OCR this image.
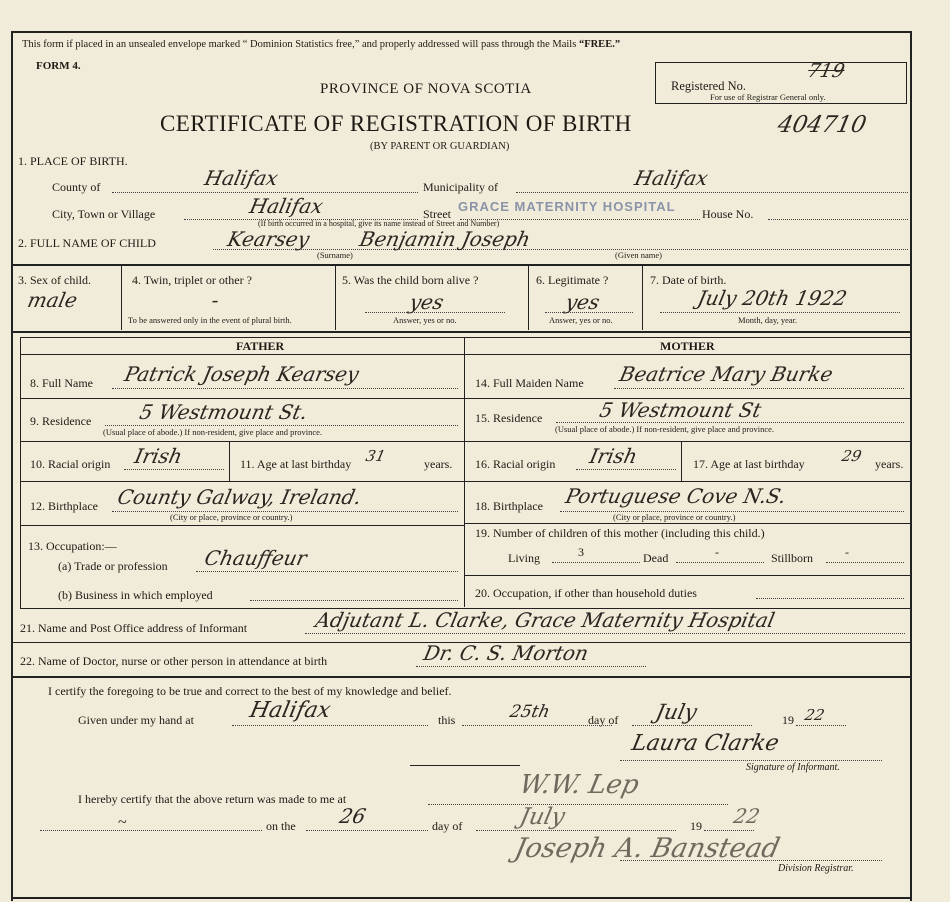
This form if placed in an unsealed envelope marked “ Dominion Statistics free,” and properly addressed will pass through the Mails “FREE.”
FORM 4.
PROVINCE OF NOVA SCOTIA	Registered No.
719
For use of Registrar General only.
CERTIFICATE OF REGISTRATION OF BIRTH	404710
(BY PARENT OR GUARDIAN)
1. PLACE OF BIRTH.
County of	Halifax	Municipality of	Halifax
City, Town or Village	Halifax
(If birth occurred in a hospital, give its name instead of Street and Number)
Street GRACE MATERNITY HOSPITAL House No.
2. FULL NAME OF CHILD	Kearsey Benjamin Joseph
(Surname)	(Given name)
3. Sex of child.
male
4. Twin, triplet or other ?
-
To be answered only in the event of plural birth.
5. Was the child born alive ?
yes
Answer, yes or no.
6. Legitimate ?
yes
Answer, yes or no.
7. Date of birth.
July 20th 1922
Month, day, year.
FATHER	MOTHER
8. Full Name Patrick Joseph Kearsey
9. Residence 5 Westmount St.
(Usual place of abode.) If non-resident, give place and province.
10. Racial origin Irish	11. Age at last birthday 31	years.
12. Birthplace County Galway, Ireland.
(City or place, province or country.)
13. Occupation:—
(a) Trade or profession Chauffeur
(b) Business in which employed
14. Full Maiden Name Beatrice Mary Burke
15. Residence	5 Westmount St
(Usual place of abode.) If non-resident, give place and province.
16. Racial origin Irish	17. Age at last birthday 29 years.
18. Birthplace Portuguese Cove N.S.
(City or place, province or country.)
19. Number of children of this mother (including this child.)
Living	3	Dead	-	Stillborn	-
20. Occupation, if other than household duties
21. Name and Post Office address of Informant	Adjutant L. Clarke, Grace Maternity Hospital
22. Name of Doctor, nurse or other person in attendance at birth	Dr. C. S. Morton
I certify the foregoing to be true and correct to the best of my knowledge and belief.
Given under my hand at Halifax	this	25th	day of July	19 22
Laura Clarke
Signature of Informant.
I hereby certify that the above return was made to me at	W.W. Lep
~	on the 26	day of July	19 22
Joseph A. Banstead
Division Registrar.
